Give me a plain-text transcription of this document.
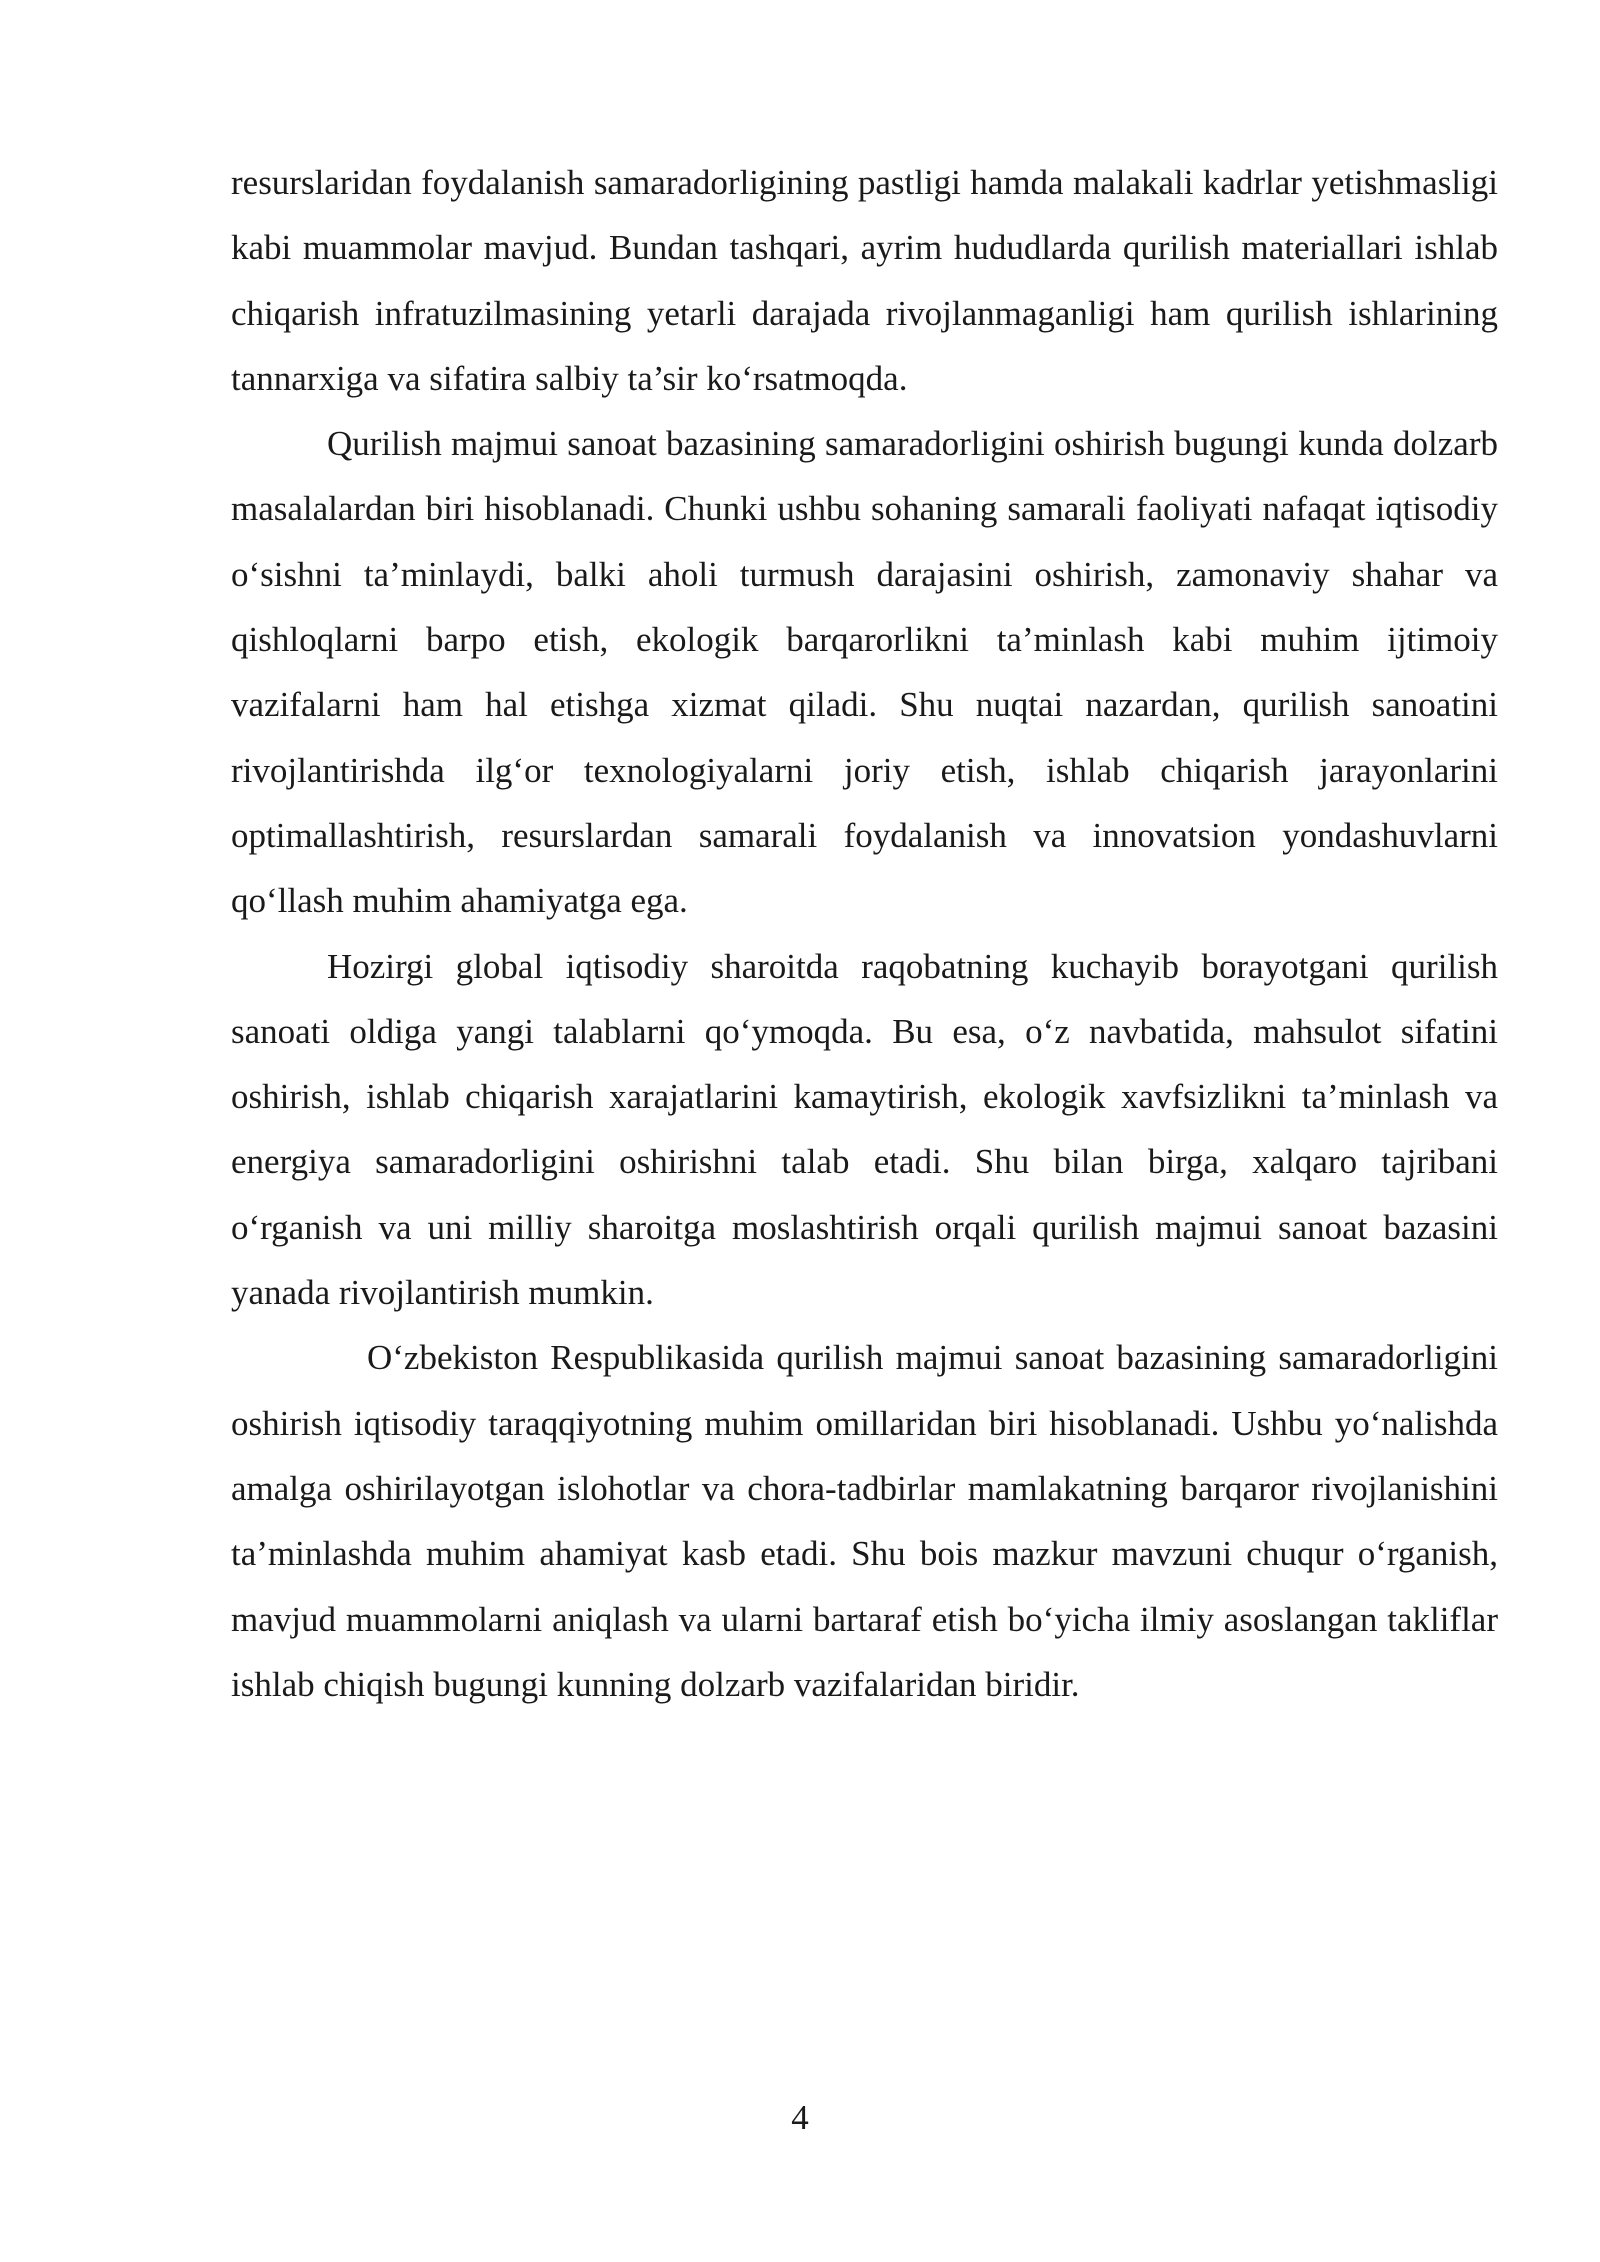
resurslaridan foydalanish samaradorligining pastligi hamda malakali kadrlar yetishmasligi kabi muammolar mavjud. Bundan tashqari, ayrim hududlarda qurilish materiallari ishlab chiqarish infratuzilmasining yetarli darajada rivojlanmaganligi ham qurilish ishlarining tannarxiga va sifatira salbiy ta’sir ko‘rsatmoqda.

Qurilish majmui sanoat bazasining samaradorligini oshirish bugungi kunda dolzarb masalalardan biri hisoblanadi. Chunki ushbu sohaning samarali faoliyati nafaqat iqtisodiy o‘sishni ta’minlaydi, balki aholi turmush darajasini oshirish, zamonaviy shahar va qishloqlarni barpo etish, ekologik barqarorlikni ta’minlash kabi muhim ijtimoiy vazifalarni ham hal etishga xizmat qiladi. Shu nuqtai nazardan, qurilish sanoatini rivojlantirishda ilg‘or texnologiyalarni joriy etish, ishlab chiqarish jarayonlarini optimallashtirish, resurslardan samarali foydalanish va innovatsion yondashuvlarni qo‘llash muhim ahamiyatga ega.

Hozirgi global iqtisodiy sharoitda raqobatning kuchayib borayotgani qurilish sanoati oldiga yangi talablarni qo‘ymoqda. Bu esa, o‘z navbatida, mahsulot sifatini oshirish, ishlab chiqarish xarajatlarini kamaytirish, ekologik xavfsizlikni ta’minlash va energiya samaradorligini oshirishni talab etadi. Shu bilan birga, xalqaro tajribani o‘rganish va uni milliy sharoitga moslashtirish orqali qurilish majmui sanoat bazasini yanada rivojlantirish mumkin.

O‘zbekiston Respublikasida qurilish majmui sanoat bazasining samaradorligini oshirish iqtisodiy taraqqiyotning muhim omillaridan biri hisoblanadi. Ushbu yo‘nalishda amalga oshirilayotgan islohotlar va chora-tadbirlar mamlakatning barqaror rivojlanishini ta’minlashda muhim ahamiyat kasb etadi. Shu bois mazkur mavzuni chuqur o‘rganish, mavjud muammolarni aniqlash va ularni bartaraf etish bo‘yicha ilmiy asoslangan takliflar ishlab chiqish bugungi kunning dolzarb vazifalaridan biridir.

4
